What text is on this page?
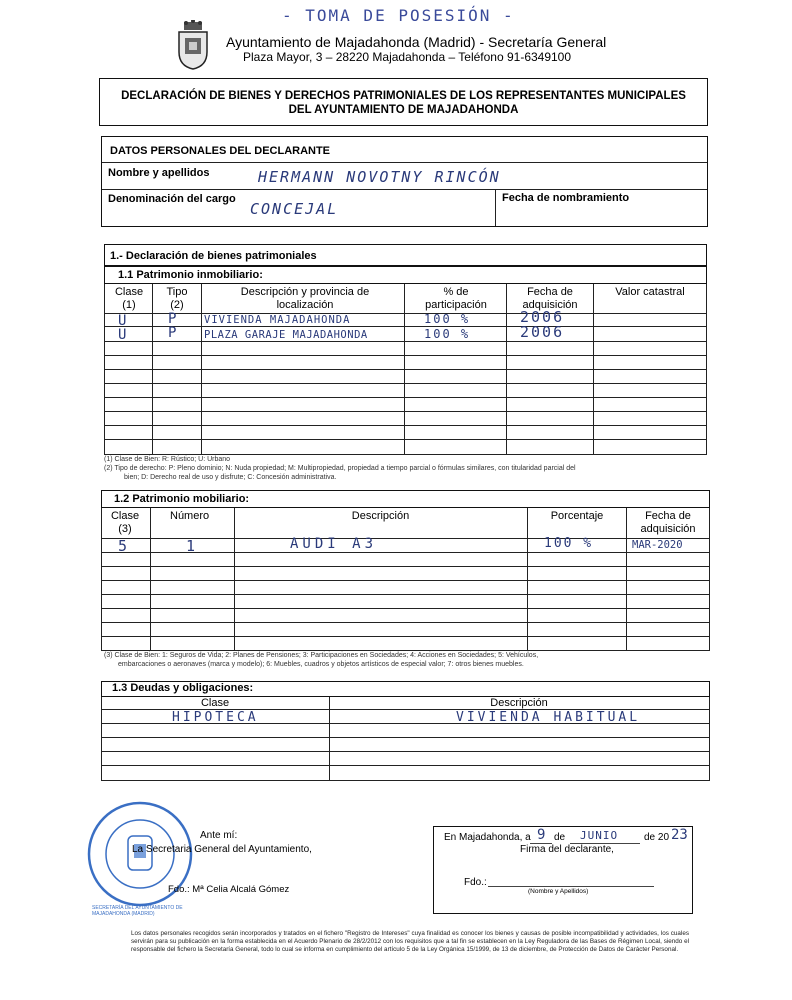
- TOMA DE POSESIÓN -
Ayuntamiento de Majadahonda (Madrid) - Secretaría General
Plaza Mayor, 3 – 28220 Majadahonda – Teléfono 91-6349100
DECLARACIÓN DE BIENES Y DERECHOS PATRIMONIALES DE LOS REPRESENTANTES MUNICIPALES
DEL AYUNTAMIENTO DE MAJADAHONDA
DATOS PERSONALES DEL DECLARANTE
Nombre y apellidos	HERMANN NOVOTNY RINCÓN
Denominación del cargo
CONCEJAL
Fecha de nombramiento
1.- Declaración de bienes patrimoniales
1.1 Patrimonio inmobiliario:
Clase (1)
Tipo (2)
Descripción y provincia de localización
% de participación
Fecha de adquisición
Valor catastral
U	P VIVIENDA MAJADAHONDA	100 %	2006
U	P PLAZA GARAJE MAJADAHONDA	100 %	2006
(1) Clase de Bien: R: Rústico; U: Urbano
(2) Tipo de derecho: P: Pleno dominio; N: Nuda propiedad; M: Multipropiedad, propiedad a tiempo parcial o fórmulas similares, con titularidad parcial del
bien; D: Derecho real de uso y disfrute; C: Concesión administrativa.
1.2 Patrimonio mobiliario:
Clase (3)
Número	Descripción	Porcentaje	Fecha de adquisición
5	1	AUDI A3	100 %	MAR-2020
(3) Clase de Bien: 1: Seguros de Vida; 2: Planes de Pensiones; 3: Participaciones en Sociedades; 4: Acciones en Sociedades; 5: Vehículos,
embarcaciones o aeronaves (marca y modelo); 6: Muebles, cuadros y objetos artísticos de especial valor; 7: otros bienes muebles.
1.3 Deudas y obligaciones:
Clase	Descripción
HIPOTECA	VIVIENDA HABITUAL
SECRETARÍA DEL AYUNTAMIENTO DE MAJADAHONDA (MADRID)
Ante mí:
La Secretaria General del Ayuntamiento,
Fdo.: Mª Celia Alcalá Gómez
En Majadahonda, a 9 de JUNIO	de 20 23
Firma del declarante,
Fdo.:
(Nombre y Apellidos)
Los datos personales recogidos serán incorporados y tratados en el fichero "Registro de Intereses" cuya finalidad es conocer los bienes y causas de posible incompatibilidad y actividades, los cuales servirán para su publicación en la forma establecida en el Acuerdo Plenario de 28/2/2012 con los requisitos que a tal fin se establecen en la Ley Reguladora de las Bases de Régimen Local, siendo el responsable del fichero la Secretaría General, todo lo cual se informa en cumplimiento del artículo 5 de la Ley Orgánica 15/1999, de 13 de diciembre, de Protección de Datos de Carácter Personal.
